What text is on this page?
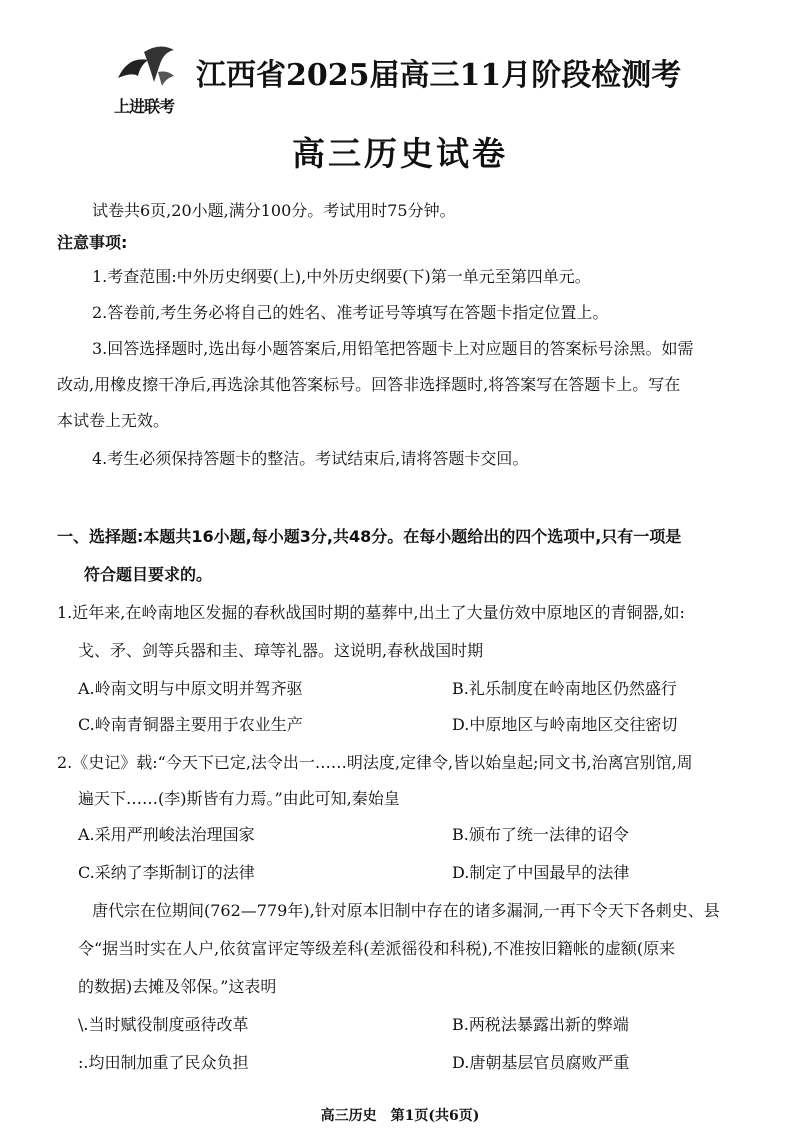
上进联考
江西省2025届高三11月阶段检测考
高三历史试卷
试卷共6页,20小题,满分100分。考试用时75分钟。
注意事项:
1.考查范围:中外历史纲要(上),中外历史纲要(下)第一单元至第四单元。
2.答卷前,考生务必将自己的姓名、准考证号等填写在答题卡指定位置上。
3.回答选择题时,选出每小题答案后,用铅笔把答题卡上对应题目的答案标号涂黑。如需
改动,用橡皮擦干净后,再选涂其他答案标号。回答非选择题时,将答案写在答题卡上。写在
本试卷上无效。
4.考生必须保持答题卡的整洁。考试结束后,请将答题卡交回。
一、选择题:本题共16小题,每小题3分,共48分。在每小题给出的四个选项中,只有一项是
符合题目要求的。
1.近年来,在岭南地区发掘的春秋战国时期的墓葬中,出土了大量仿效中原地区的青铜器,如:
戈、矛、剑等兵器和圭、璋等礼器。这说明,春秋战国时期
A.岭南文明与中原文明并驾齐驱	B.礼乐制度在岭南地区仍然盛行
C.岭南青铜器主要用于农业生产	D.中原地区与岭南地区交往密切
2.《史记》载:“今天下已定,法令出一……明法度,定律令,皆以始皇起;同文书,治离宫别馆,周
遍天下……(李)斯皆有力焉。”由此可知,秦始皇
A.采用严刑峻法治理国家	B.颁布了统一法律的诏令
C.采纳了李斯制订的法律	D.制定了中国最早的法律
唐代宗在位期间(762—779年),针对原本旧制中存在的诸多漏洞,一再下令天下各刺史、县
令“据当时实在人户,依贫富评定等级差科(差派徭役和科税),不准按旧籍帐的虚额(原来
的数据)去摊及邻保。”这表明
\.当时赋役制度亟待改革	B.两税法暴露出新的弊端
:.均田制加重了民众负担	D.唐朝基层官员腐败严重
高三历史　第1页(共6页)
